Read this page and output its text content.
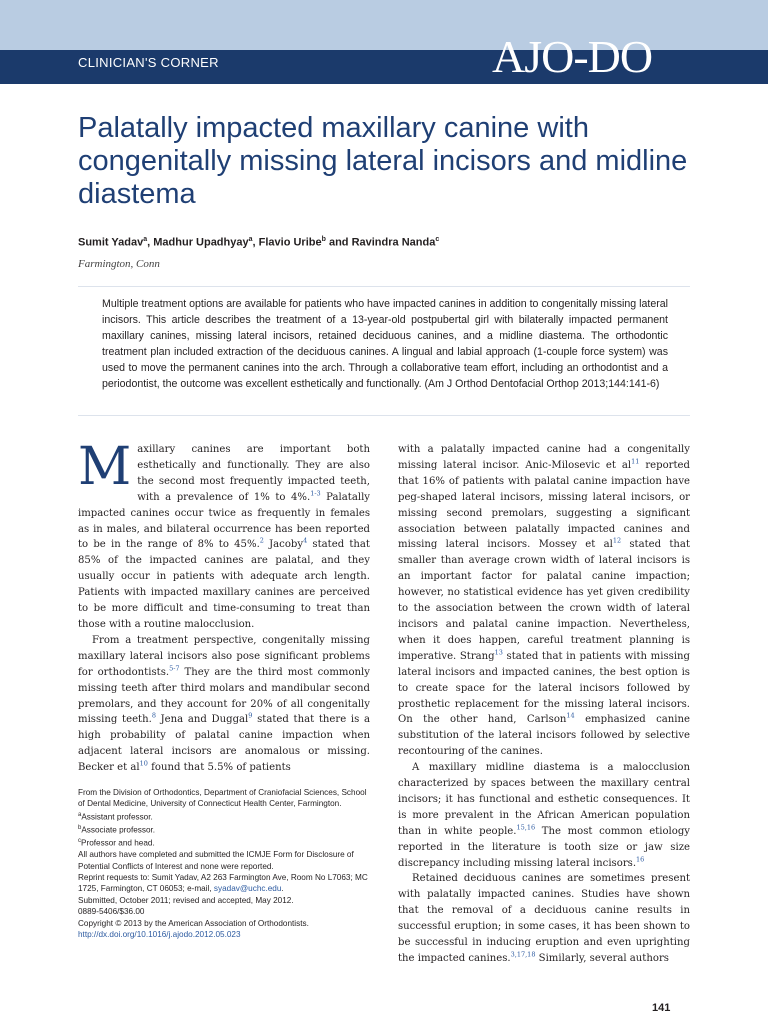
CLINICIAN'S CORNER	AJO-DO
Palatally impacted maxillary canine with congenitally missing lateral incisors and midline diastema
Sumit Yadav$^a$, Madhur Upadhyay$^a$, Flavio Uribe$^b$ and Ravindra Nanda$^c$
Farmington, Conn

Multiple treatment options are available for patients who have impacted canines in addition to congenitally missing lateral incisors. This article describes the treatment of a 13-year-old postpubertal girl with bilaterally impacted permanent maxillary canines, missing lateral incisors, retained deciduous canines, and a midline diastema. The orthodontic treatment plan included extraction of the deciduous canines. A lingual and labial approach (1-couple force system) was used to move the permanent canines into the arch. Through a collaborative team effort, including an orthodontist and a periodontist, the outcome was excellent esthetically and functionally. (Am J Orthod Dentofacial Orthop 2013;144:141-6)

Maxillary canines are important both esthetically and functionally. They are also the second most frequently impacted teeth, with a prevalence of 1% to 4%.$^{1-3}$ Palatally impacted canines occur twice as frequently in females as in males, and bilateral occurrence has been reported to be in the range of 8% to 45%.$^2$ Jacoby$^4$ stated that 85% of the impacted canines are palatal, and they usually occur in patients with adequate arch length. Patients with impacted maxillary canines are perceived to be more difficult and time-consuming to treat than those with a routine malocclusion.

From a treatment perspective, congenitally missing maxillary lateral incisors also pose significant problems for orthodontists.$^{5-7}$ They are the third most commonly missing teeth after third molars and mandibular second premolars, and they account for 20% of all congenitally missing teeth.$^8$ Jena and Duggal$^9$ stated that there is a high probability of palatal canine impaction when adjacent lateral incisors are anomalous or missing. Becker et $al^{10}$ found that 5.5% of patients

From the Division of Orthodontics, Department of Craniofacial Sciences, School of Dental Medicine, University of Connecticut Health Center, Farmington.
$^a$Assistant professor.
$^b$Associate professor.
$^c$Professor and head.
All authors have completed and submitted the ICMJE Form for Disclosure of Potential Conflicts of Interest and none were reported.
Reprint requests to: Sumit Yadav, A2 263 Farmington Ave, Room No L7063; MC 1725, Farmington, CT 06053; e-mail, syadav@uchc.edu.
Submitted, October 2011; revised and accepted, May 2012.
0889-5406/$36.00
Copyright © 2013 by the American Association of Orthodontists.
http://dx.doi.org/10.1016/j.ajodo.2012.05.023

with a palatally impacted canine had a congenitally missing lateral incisor. Anic-Milosevic et $al^{11}$ reported that 16% of patients with palatal canine impaction have peg-shaped lateral incisors, missing lateral incisors, or missing second premolars, suggesting a significant association between palatally impacted canines and missing lateral incisors. Mossey et $al^{12}$ stated that smaller than average crown width of lateral incisors is an important factor for palatal canine impaction; however, no statistical evidence has yet given credibility to the association between the crown width of lateral incisors and palatal canine impaction. Nevertheless, when it does happen, careful treatment planning is imperative. Strang$^{13}$ stated that in patients with missing lateral incisors and impacted canines, the best option is to create space for the lateral incisors followed by prosthetic replacement for the missing lateral incisors. On the other hand, Carlson$^{14}$ emphasized canine substitution of the lateral incisors followed by selective recontouring of the canines.

A maxillary midline diastema is a malocclusion characterized by spaces between the maxillary central incisors; it has functional and esthetic consequences. It is more prevalent in the African American population than in white people.$^{15,16}$ The most common etiology reported in the literature is tooth size or jaw size discrepancy including missing lateral incisors.$^{16}$

Retained deciduous canines are sometimes present with palatally impacted canines. Studies have shown that the removal of a deciduous canine results in successful eruption; in some cases, it has been shown to be successful in inducing eruption and even uprighting the impacted canines.$^{3,17,18}$ Similarly, several authors

141
